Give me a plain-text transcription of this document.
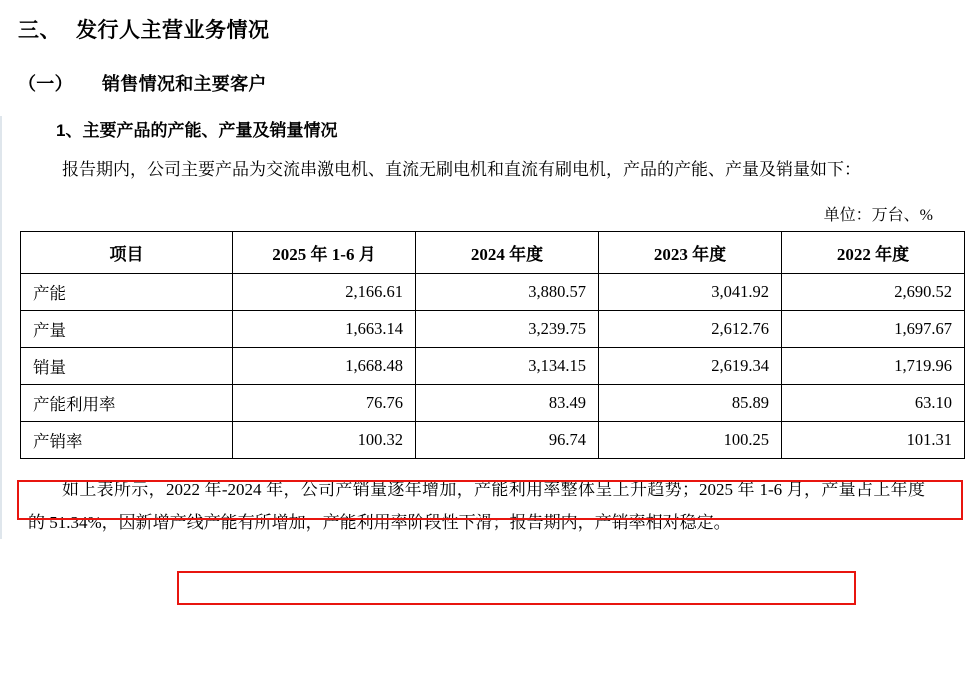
三、 发行人主营业务情况
（一） 销售情况和主要客户
1、主要产品的产能、产量及销量情况
报告期内，公司主要产品为交流串激电机、直流无刷电机和直流有刷电机，产品的产能、产量及销量如下：
单位：万台、%
项目	2025 年 1-6 月	2024 年度	2023 年度	2022 年度
产能	2,166.61	3,880.57	3,041.92	2,690.52
产量	1,663.14	3,239.75	2,612.76	1,697.67
销量	1,668.48	3,134.15	2,619.34	1,719.96
产能利用率	76.76	83.49	85.89	63.10
产销率	100.32	96.74	100.25	101.31
如上表所示，2022 年-2024 年，公司产销量逐年增加，产能利用率整体呈上升趋势；2025 年 1-6 月，产量占上年度的 51.34%，因新增产线产能有所增加，产能利用率阶段性下滑；报告期内，产销率相对稳定。
